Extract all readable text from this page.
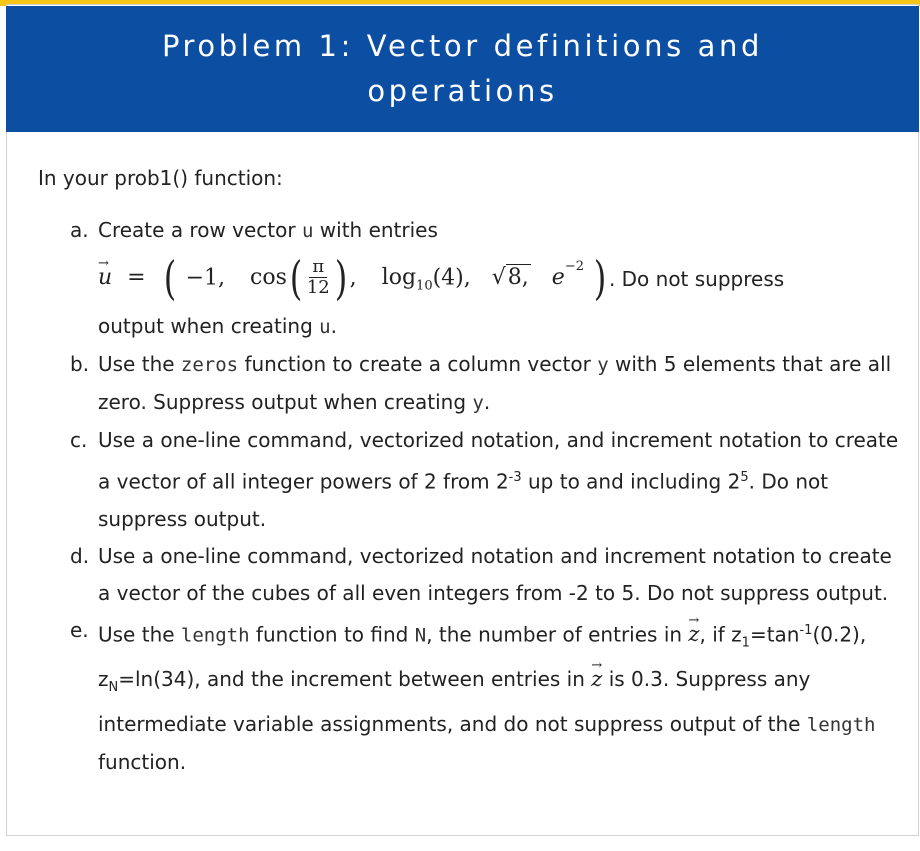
Problem 1: Vector definitions and operations

In your prob1() function:

a. Create a row vector u with entries
→ u = ( −1, $\cos( \frac{\pi}{12}$ ) , $\log_{10}(4)$, √8, $e^{-2}$ ) . Do not suppress
output when creating u.
b. Use the zeros function to create a column vector y with 5 elements that are all zero. Suppress output when creating y.
c. Use a one-line command, vectorized notation, and increment notation to create a vector of all integer powers of 2 from $2^{-3}$ up to and including $2^5$. Do not suppress output.
d. Use a one-line command, vectorized notation and increment notation to create a vector of the cubes of all even integers from -2 to 5. Do not suppress output.
e. Use the length function to find N, the number of entries in → z, if $z_1=\tan^{-1}(0.2)$, $z_N=\ln(34)$, and the increment between entries in → z is 0.3. Suppress any intermediate variable assignments, and do not suppress output of the length function.
